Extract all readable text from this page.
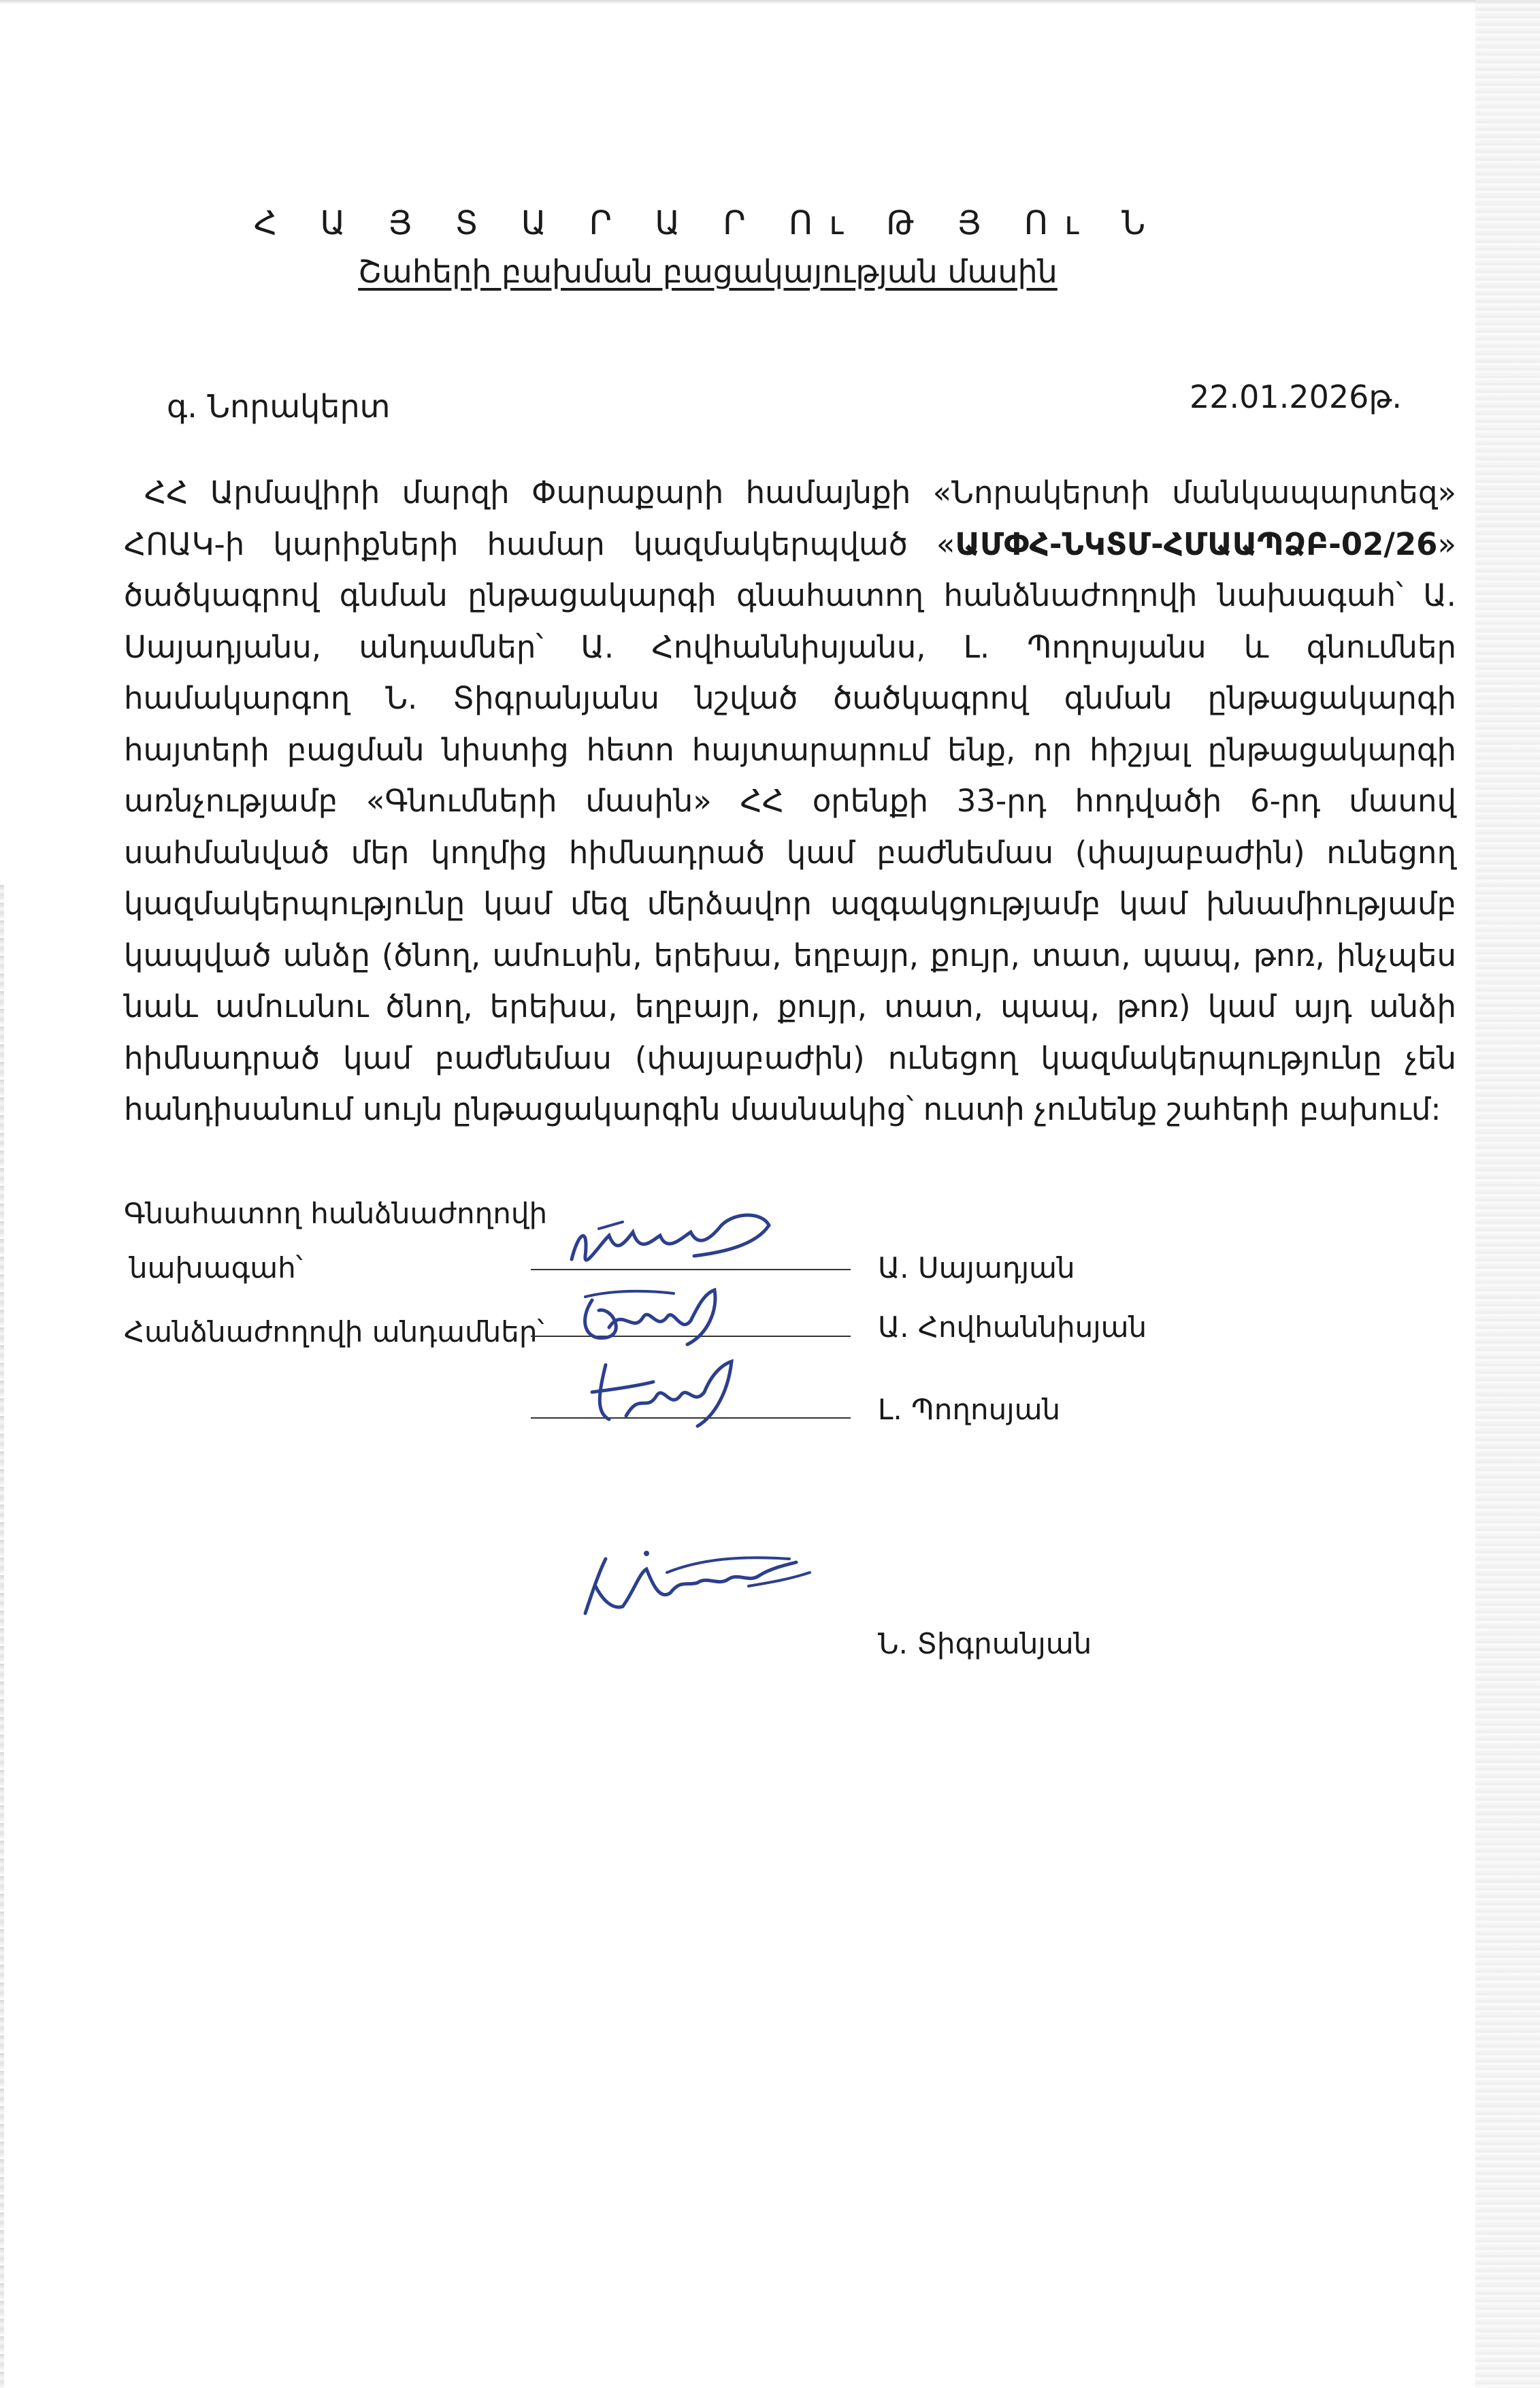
Հ Ա Յ Տ Ա Ր Ա Ր Ու Թ Յ Ու Ն
Շահերի բախման բացակայության մասին
գ. Նորակերտ	22.01.2026թ.
ՀՀ Արմավիրի մարզի Փարաքարի համայնքի «Նորակերտի մանկապարտեզ» ՀՈԱԿ-ի կարիքների համար կազմակերպված «ԱՄՓՀ-ՆԿՏՄ-ՀՄԱԱՊՁԲ-02/26» ծածկագրով գնման ընթացակարգի գնահատող հանձնաժողովի նախագահ՝ Ա. Սայադյանս, անդամներ՝ Ա. Հովհաննիսյանս, Լ. Պողոսյանս և գնումներ համակարգող Ն. Տիգրանյանս նշված ծածկագրով գնման ընթացակարգի հայտերի բացման նիստից հետո հայտարարում ենք, որ հիշյալ ընթացակարգի առնչությամբ «Գնումների մասին» ՀՀ օրենքի 33-րդ հոդվածի 6-րդ մասով սահմանված մեր կողմից հիմնադրած կամ բաժնեմաս (փայաբաժին) ունեցող կազմակերպությունը կամ մեզ մերձավոր ազգակցությամբ կամ խնամիությամբ կապված անձը (ծնող, ամուսին, երեխա, եղբայր, քույր, տատ, պապ, թոռ, ինչպես նաև ամուսնու ծնող, երեխա, եղբայր, քույր, տատ, պապ, թոռ) կամ այդ անձի հիմնադրած կամ բաժնեմաս (փայաբաժին) ունեցող կազմակերպությունը չեն հանդիսանում սույն ընթացակարգին մասնակից՝ ուստի չունենք շահերի բախում:
Գնահատող հանձնաժողովի
նախագահ՝	Ա. Սայադյան
Հանձնաժողովի անդամներ՝	Ա. Հովհաննիսյան
Լ. Պողոսյան
Ն. Տիգրանյան
